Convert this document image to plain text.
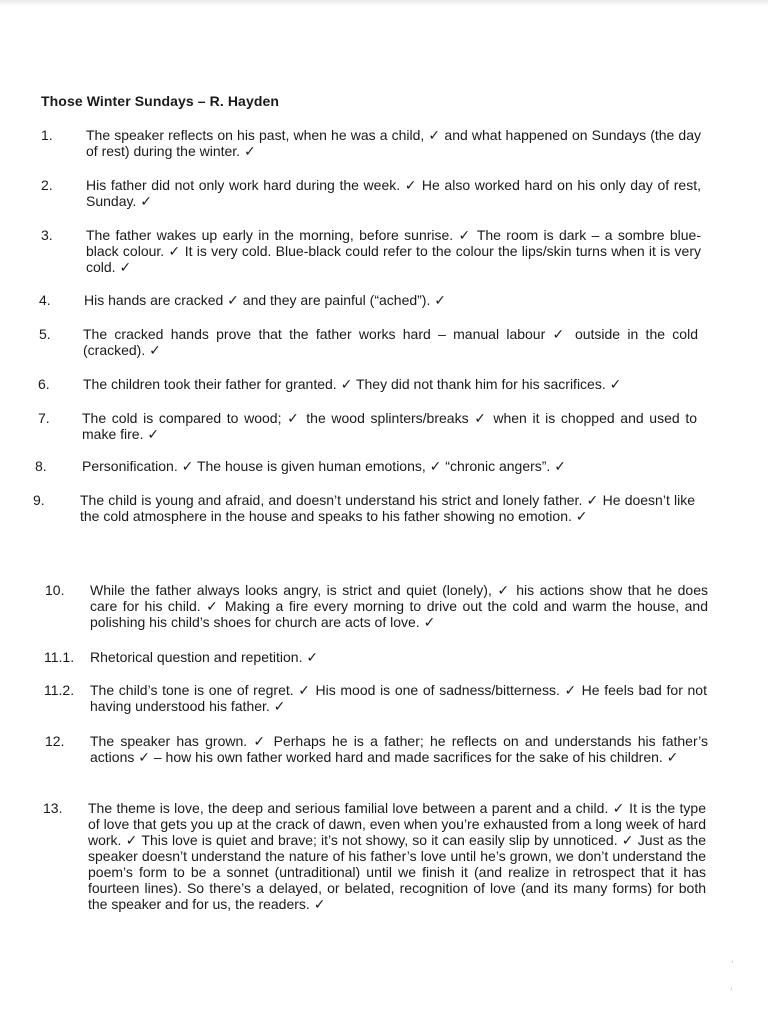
Those Winter Sundays – R. Hayden
1. The speaker reflects on his past, when he was a child, ✓ and what happened on Sundays (the day of rest) during the winter. ✓
2. His father did not only work hard during the week. ✓ He also worked hard on his only day of rest, Sunday. ✓
3. The father wakes up early in the morning, before sunrise. ✓ The room is dark – a sombre blue-black colour. ✓ It is very cold. Blue-black could refer to the colour the lips/skin turns when it is very cold. ✓
4. His hands are cracked ✓ and they are painful (“ached”). ✓
5. The cracked hands prove that the father works hard – manual labour ✓ outside in the cold (cracked). ✓
6. The children took their father for granted. ✓ They did not thank him for his sacrifices. ✓
7. The cold is compared to wood; ✓ the wood splinters/breaks ✓ when it is chopped and used to make fire. ✓
8.	Personification. ✓ The house is given human emotions, ✓ “chronic angers”. ✓
9.	The child is young and afraid, and doesn’t understand his strict and lonely father. ✓ He doesn’t like the cold atmosphere in the house and speaks to his father showing no emotion. ✓
10. While the father always looks angry, is strict and quiet (lonely), ✓ his actions show that he does care for his child. ✓ Making a fire every morning to drive out the cold and warm the house, and polishing his child’s shoes for church are acts of love. ✓
11.1. Rhetorical question and repetition. ✓
11.2. The child’s tone is one of regret. ✓ His mood is one of sadness/bitterness. ✓ He feels bad for not having understood his father. ✓
12. The speaker has grown. ✓ Perhaps he is a father; he reflects on and understands his father’s actions ✓ – how his own father worked hard and made sacrifices for the sake of his children. ✓
13. The theme is love, the deep and serious familial love between a parent and a child. ✓ It is the type of love that gets you up at the crack of dawn, even when you’re exhausted from a long week of hard work. ✓ This love is quiet and brave; it’s not showy, so it can easily slip by unnoticed. ✓ Just as the speaker doesn’t understand the nature of his father’s love until he’s grown, we don’t understand the poem’s form to be a sonnet (untraditional) until we finish it (and realize in retrospect that it has fourteen lines). So there’s a delayed, or belated, recognition of love (and its many forms) for both the speaker and for us, the readers. ✓
ʾ
ʾ
